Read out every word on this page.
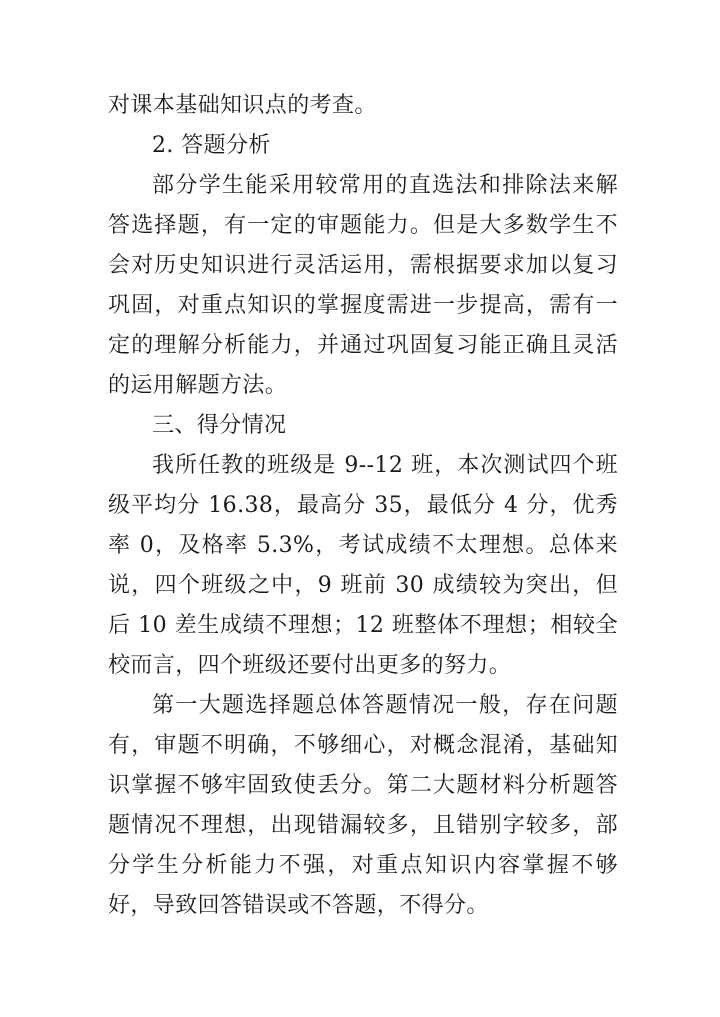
对课本基础知识点的考查。

2. 答题分析

部分学生能采用较常用的直选法和排除法来解答选择题，有一定的审题能力。但是大多数学生不会对历史知识进行灵活运用，需根据要求加以复习巩固，对重点知识的掌握度需进一步提高，需有一定的理解分析能力，并通过巩固复习能正确且灵活的运用解题方法。

三、得分情况

我所任教的班级是 9--12 班，本次测试四个班级平均分 16.38，最高分 35，最低分 4 分，优秀率 0，及格率 5.3%，考试成绩不太理想。总体来说，四个班级之中，9 班前 30 成绩较为突出，但后 10 差生成绩不理想；12 班整体不理想；相较全校而言，四个班级还要付出更多的努力。

第一大题选择题总体答题情况一般，存在问题有，审题不明确，不够细心，对概念混淆，基础知识掌握不够牢固致使丢分。第二大题材料分析题答题情况不理想，出现错漏较多，且错别字较多，部分学生分析能力不强，对重点知识内容掌握不够好，导致回答错误或不答题，不得分。
